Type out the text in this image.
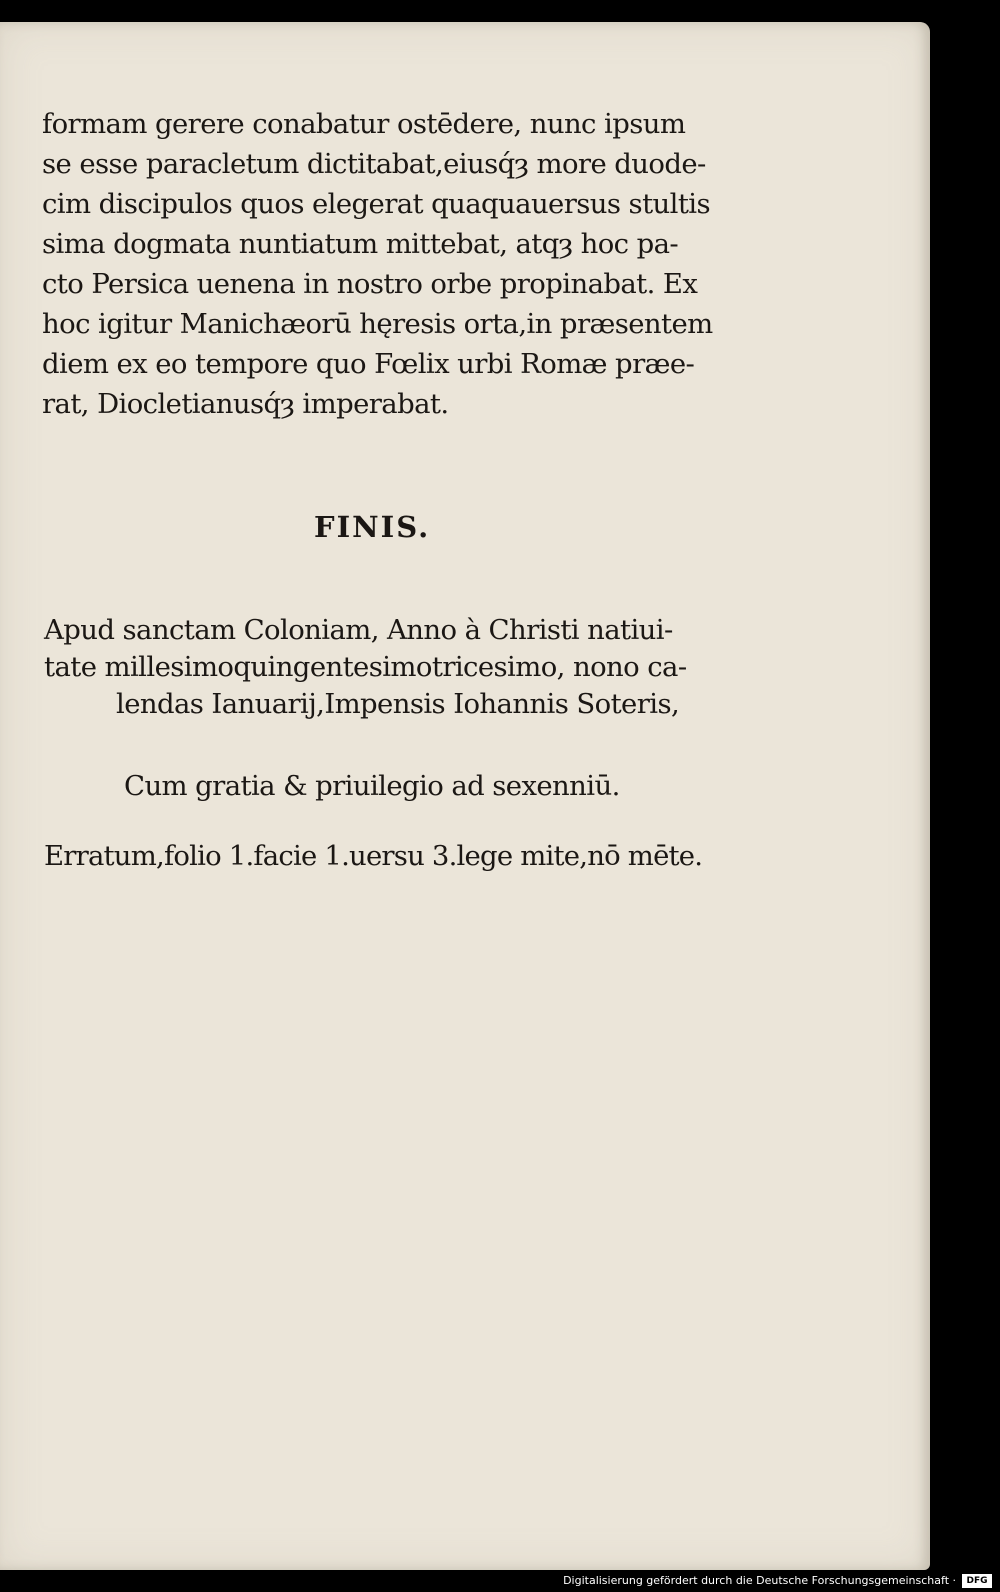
formam gerere conabatur ostēdere, nunc ipsum
se esse paracletum dictitabat,eiusq́ȝ more duode-
cim discipulos quos elegerat quaquauersus stultis
sima dogmata nuntiatum mittebat, atqȝ hoc pa-
cto Persica uenena in nostro orbe propinabat. Ex
hoc igitur Manichæorū hęresis orta,in præsentem
diem ex eo tempore quo Fœlix urbi Romæ præe-
rat, Diocletianusq́ȝ imperabat.
FINIS.
Apud sanctam Coloniam, Anno à Christi natiui-
tate millesimoquingentesimotricesimo, nono ca-
lendas Ianuarij,Impensis Iohannis Soteris,
Cum gratia & priuilegio ad sexenniū.
Erratum,folio 1.facie 1.uersu 3.lege mite,nō mēte.
Digitalisierung gefördert durch die Deutsche Forschungsgemeinschaft ·	DFG
